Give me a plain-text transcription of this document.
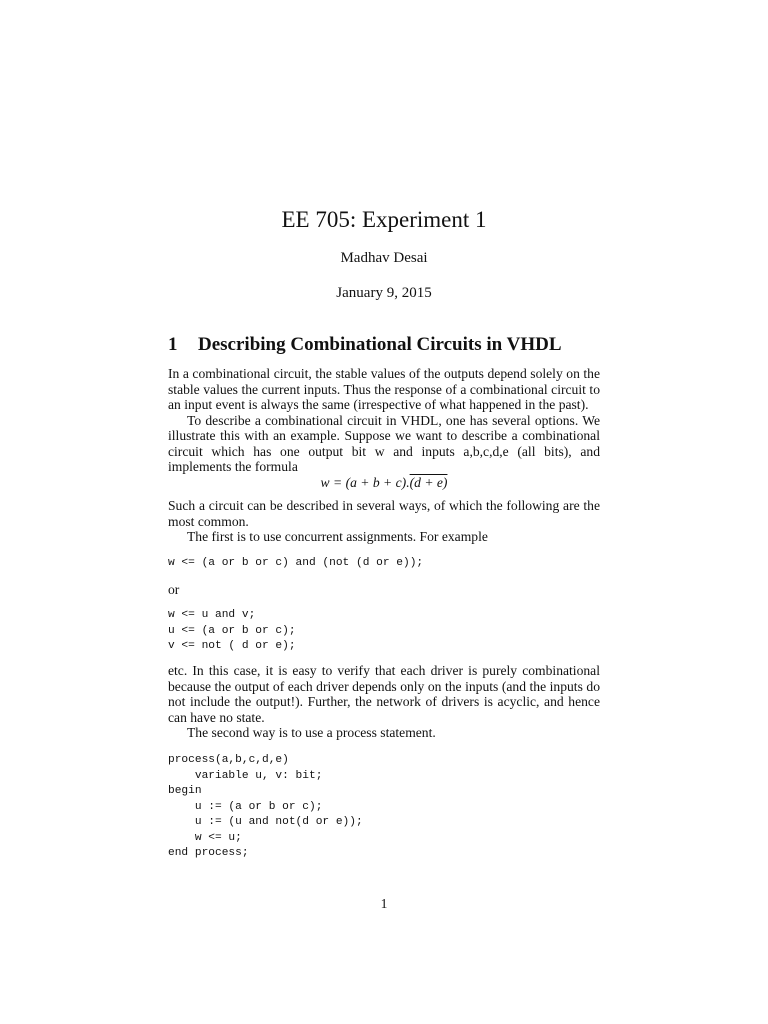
EE 705: Experiment 1
Madhav Desai
January 9, 2015
1 Describing Combinational Circuits in VHDL

In a combinational circuit, the stable values of the outputs depend solely on the stable values the current inputs. Thus the response of a combinational circuit to an input event is always the same (irrespective of what happened in the past).

To describe a combinational circuit in VHDL, one has several options. We illustrate this with an example. Suppose we want to describe a combinational circuit which has one output bit w and inputs a,b,c,d,e (all bits), and implements the formula

w = (a + b + c).(d + e)

Such a circuit can be described in several ways, of which the following are the most common.

The first is to use concurrent assignments. For example

w <= (a or b or c) and (not (d or e));

or

w <= u and v;
u <= (a or b or c);
v <= not ( d or e);

etc. In this case, it is easy to verify that each driver is purely combinational because the output of each driver depends only on the inputs (and the inputs do not include the output!). Further, the network of drivers is acyclic, and hence can have no state.

The second way is to use a process statement.

process(a,b,c,d,e)
variable u, v: bit;
begin
u := (a or b or c);
u := (u and not(d or e));
w <= u;
end process;
1
